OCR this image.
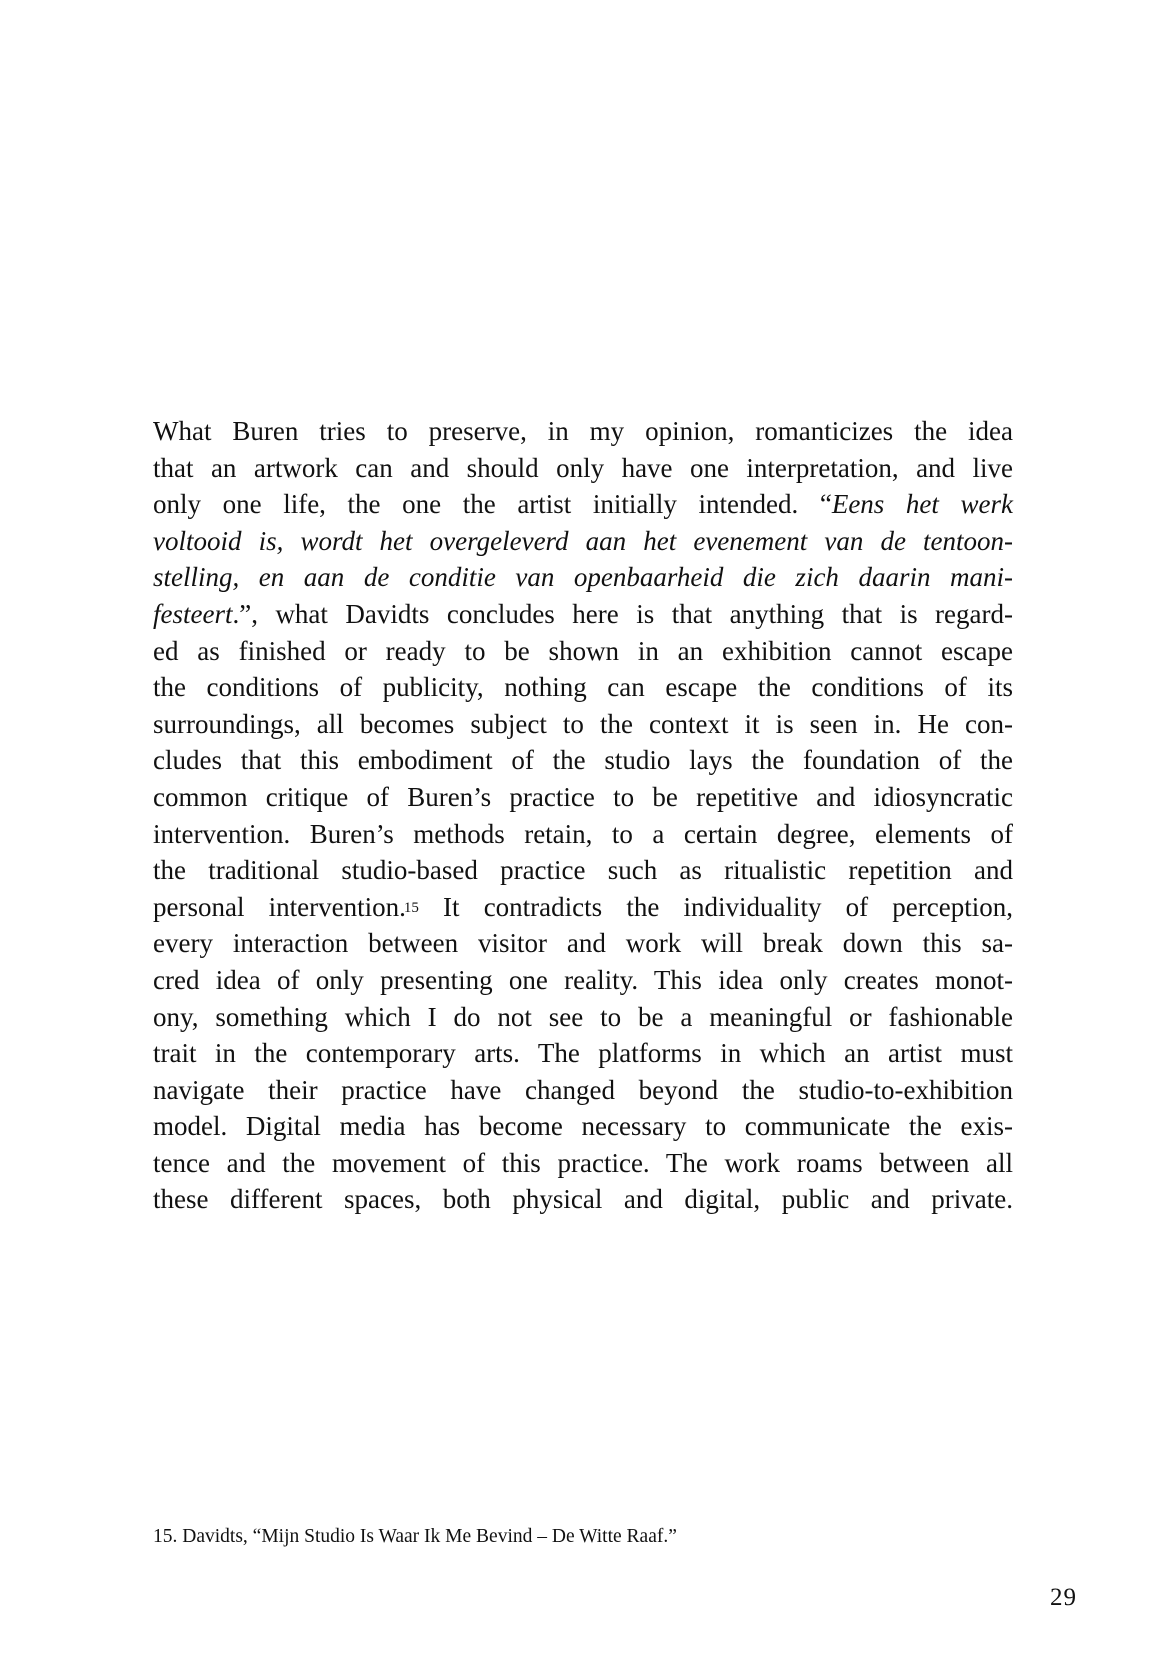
What Buren tries to preserve, in my opinion, romanticizes the idea
that an artwork can and should only have one interpretation, and live
only one life, the one the artist initially intended. “Eens het werk
voltooid is, wordt het overgeleverd aan het evenement van de tentoon-
stelling, en aan de conditie van openbaarheid die zich daarin mani-
festeert.”, what Davidts concludes here is that anything that is regard-
ed as finished or ready to be shown in an exhibition cannot escape
the conditions of publicity, nothing can escape the conditions of its
surroundings, all becomes subject to the context it is seen in. He con-
cludes that this embodiment of the studio lays the foundation of the
common critique of Buren’s practice to be repetitive and idiosyncratic
intervention. Buren’s methods retain, to a certain degree, elements of
the traditional studio-based practice such as ritualistic repetition and
personal intervention.$^{15}$ It contradicts the individuality of perception,
every interaction between visitor and work will break down this sa-
cred idea of only presenting one reality. This idea only creates monot-
ony, something which I do not see to be a meaningful or fashionable
trait in the contemporary arts. The platforms in which an artist must
navigate their practice have changed beyond the studio-to-exhibition
model. Digital media has become necessary to communicate the exis-
tence and the movement of this practice. The work roams between all
these different spaces, both physical and digital, public and private.

15. Davidts, “Mijn Studio Is Waar Ik Me Bevind – De Witte Raaf.”

29
